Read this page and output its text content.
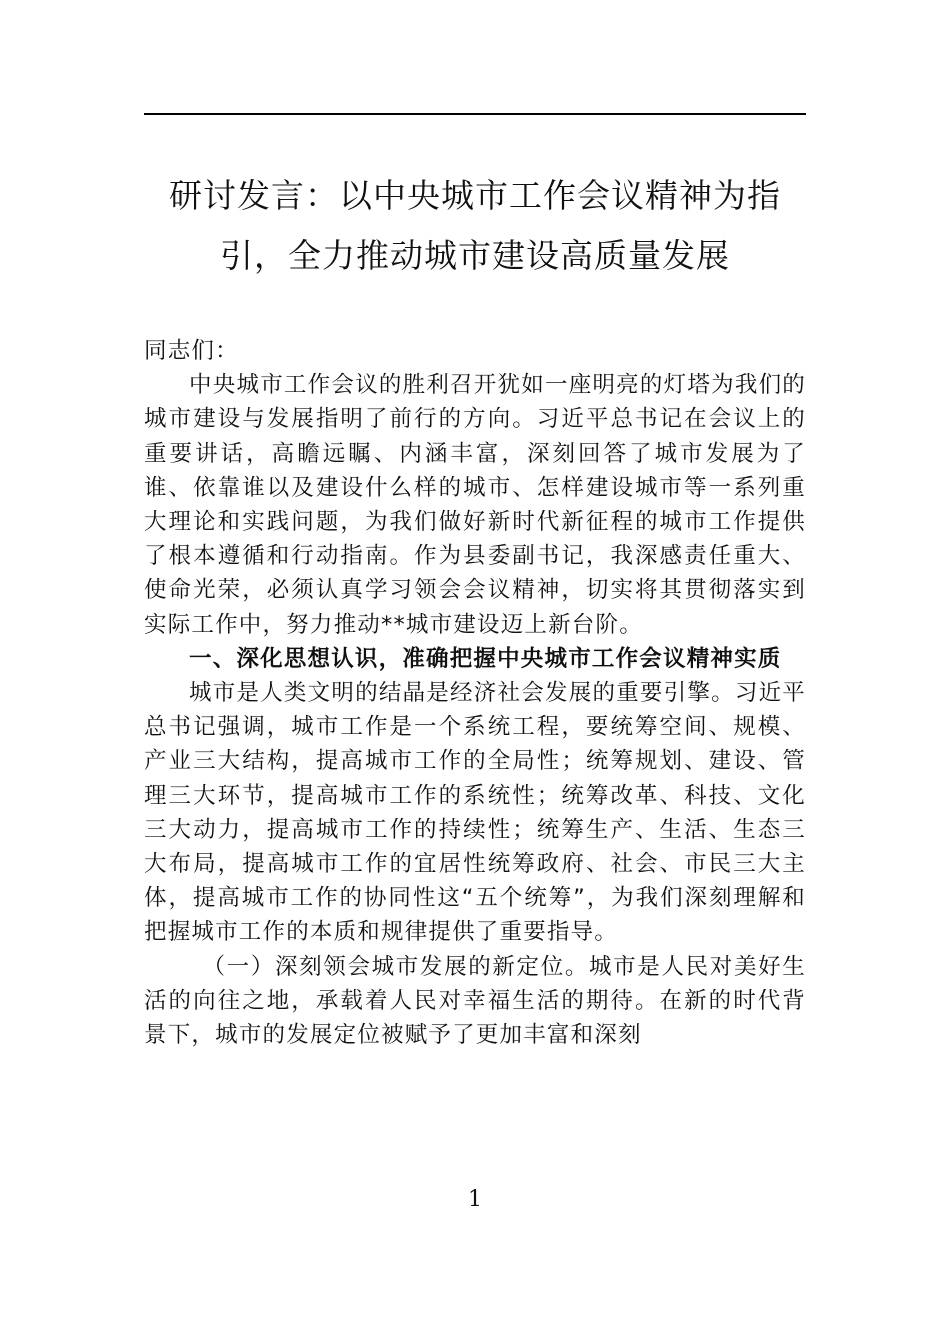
研讨发言：以中央城市工作会议精神为指
引，全力推动城市建设高质量发展

同志们：

中央城市工作会议的胜利召开犹如一座明亮的灯塔为我们的城市建设与发展指明了前行的方向。习近平总书记在会议上的重要讲话，高瞻远瞩、内涵丰富，深刻回答了城市发展为了谁、依靠谁以及建设什么样的城市、怎样建设城市等一系列重大理论和实践问题，为我们做好新时代新征程的城市工作提供了根本遵循和行动指南。作为县委副书记，我深感责任重大、使命光荣，必须认真学习领会会议精神，切实将其贯彻落实到实际工作中，努力推动**城市建设迈上新台阶。

一、深化思想认识，准确把握中央城市工作会议精神实质

城市是人类文明的结晶是经济社会发展的重要引擎。习近平总书记强调，城市工作是一个系统工程，要统筹空间、规模、产业三大结构，提高城市工作的全局性；统筹规划、建设、管理三大环节，提高城市工作的系统性；统筹改革、科技、文化三大动力，提高城市工作的持续性；统筹生产、生活、生态三大布局，提高城市工作的宜居性统筹政府、社会、市民三大主体，提高城市工作的协同性这“五个统筹”，为我们深刻理解和把握城市工作的本质和规律提供了重要指导。

（一）深刻领会城市发展的新定位。城市是人民对美好生活的向往之地，承载着人民对幸福生活的期待。在新的时代背景下，城市的发展定位被赋予了更加丰富和深刻

1
